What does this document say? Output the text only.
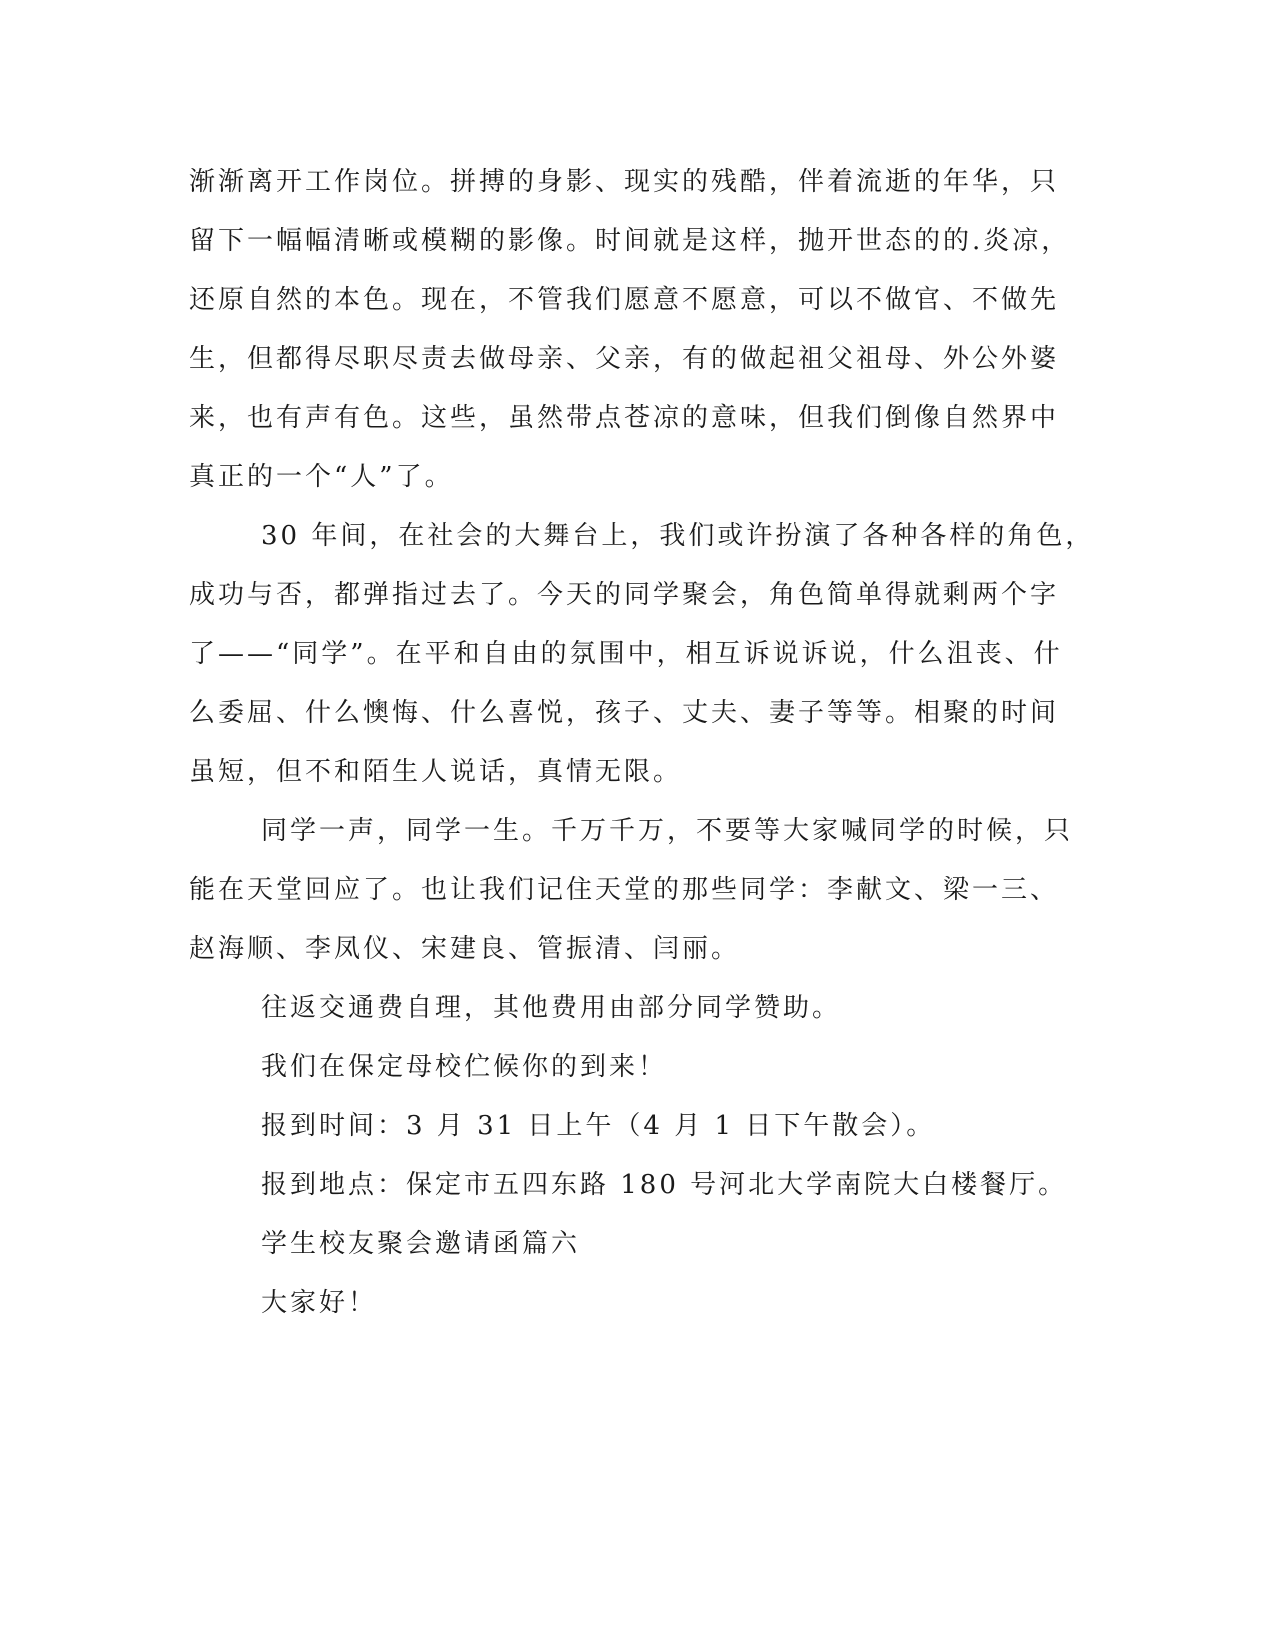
渐渐离开工作岗位。拼搏的身影、现实的残酷，伴着流逝的年华，只
留下一幅幅清晰或模糊的影像。时间就是这样，抛开世态的的.炎凉，
还原自然的本色。现在，不管我们愿意不愿意，可以不做官、不做先
生，但都得尽职尽责去做母亲、父亲，有的做起祖父祖母、外公外婆
来，也有声有色。这些，虽然带点苍凉的意味，但我们倒像自然界中
真正的一个“人”了。
30 年间，在社会的大舞台上，我们或许扮演了各种各样的角色，
成功与否，都弹指过去了。今天的同学聚会，角色简单得就剩两个字
了——“同学”。在平和自由的氛围中，相互诉说诉说，什么沮丧、什
么委屈、什么懊悔、什么喜悦，孩子、丈夫、妻子等等。相聚的时间
虽短，但不和陌生人说话，真情无限。
同学一声，同学一生。千万千万，不要等大家喊同学的时候，只
能在天堂回应了。也让我们记住天堂的那些同学：李献文、梁一三、
赵海顺、李凤仪、宋建良、管振清、闫丽。
往返交通费自理，其他费用由部分同学赞助。
我们在保定母校伫候你的到来！
报到时间：3 月 31 日上午（4 月 1 日下午散会）。
报到地点：保定市五四东路 180 号河北大学南院大白楼餐厅。
学生校友聚会邀请函篇六
大家好！
